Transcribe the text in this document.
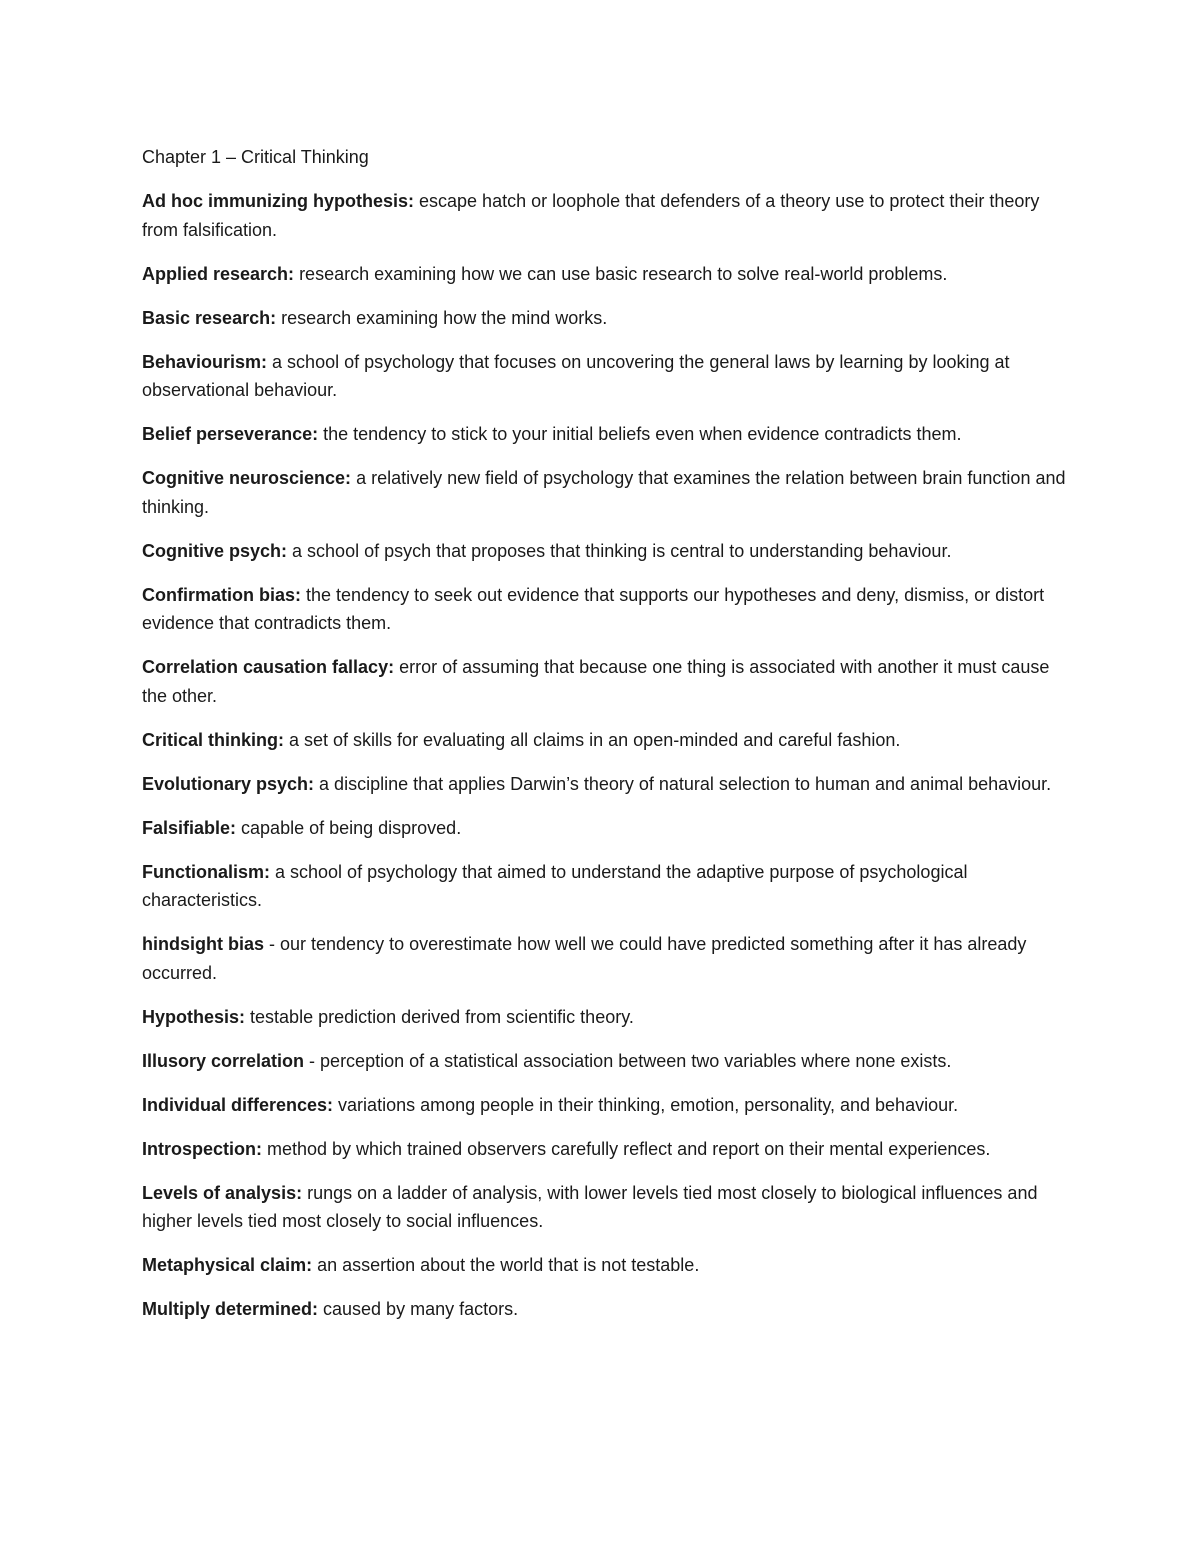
Chapter 1 – Critical Thinking

Ad hoc immunizing hypothesis: escape hatch or loophole that defenders of a theory use to protect their theory from falsification.

Applied research: research examining how we can use basic research to solve real-world problems.

Basic research: research examining how the mind works.

Behaviourism: a school of psychology that focuses on uncovering the general laws by learning by looking at observational behaviour.

Belief perseverance: the tendency to stick to your initial beliefs even when evidence contradicts them.

Cognitive neuroscience: a relatively new field of psychology that examines the relation between brain function and thinking.

Cognitive psych: a school of psych that proposes that thinking is central to understanding behaviour.

Confirmation bias: the tendency to seek out evidence that supports our hypotheses and deny, dismiss, or distort evidence that contradicts them.

Correlation causation fallacy: error of assuming that because one thing is associated with another it must cause the other.

Critical thinking: a set of skills for evaluating all claims in an open-minded and careful fashion.

Evolutionary psych: a discipline that applies Darwin’s theory of natural selection to human and animal behaviour.

Falsifiable: capable of being disproved.

Functionalism: a school of psychology that aimed to understand the adaptive purpose of psychological characteristics.

hindsight bias - our tendency to overestimate how well we could have predicted something after it has already occurred.

Hypothesis: testable prediction derived from scientific theory.

Illusory correlation - perception of a statistical association between two variables where none exists.

Individual differences: variations among people in their thinking, emotion, personality, and behaviour.

Introspection: method by which trained observers carefully reflect and report on their mental experiences.

Levels of analysis: rungs on a ladder of analysis, with lower levels tied most closely to biological influences and higher levels tied most closely to social influences.

Metaphysical claim: an assertion about the world that is not testable.

Multiply determined: caused by many factors.
